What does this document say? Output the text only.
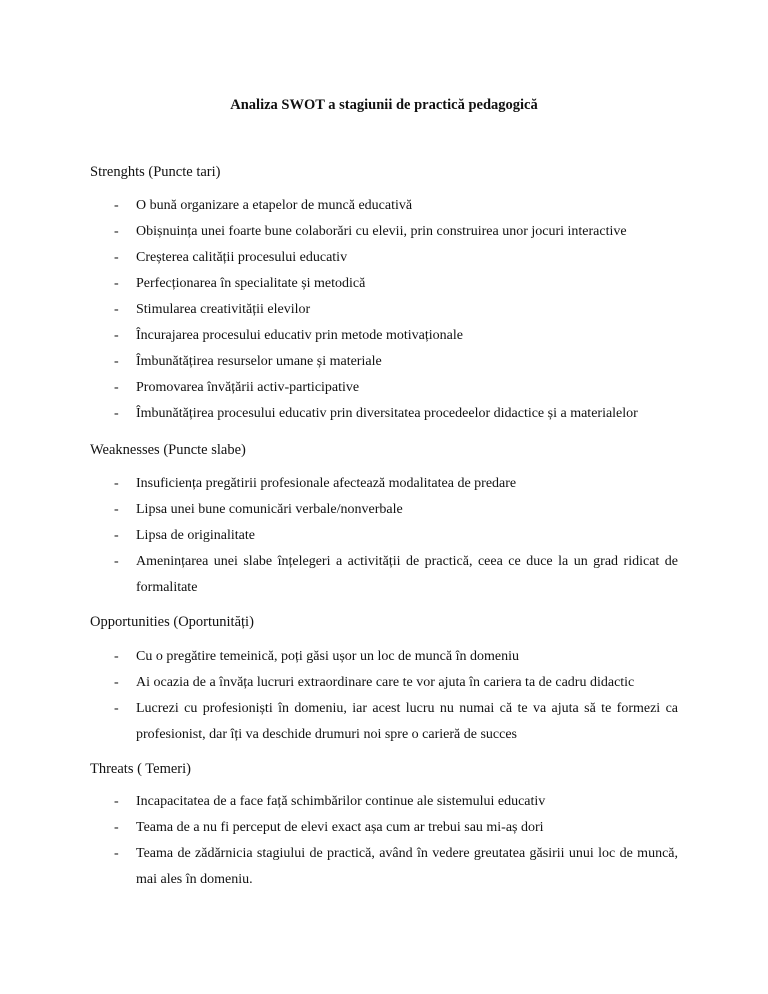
Analiza SWOT a stagiunii de practică pedagogică
Strenghts (Puncte tari)
- O bună organizare a etapelor de muncă educativă
- Obișnuința unei foarte bune colaborări cu elevii, prin construirea unor jocuri interactive
- Creșterea calității procesului educativ
- Perfecționarea în specialitate și metodică
- Stimularea creativității elevilor
- Încurajarea procesului educativ prin metode motivaționale
- Îmbunătățirea resurselor umane și materiale
- Promovarea învățării activ-participative
- Îmbunătățirea procesului educativ prin diversitatea procedeelor didactice și a materialelor
Weaknesses (Puncte slabe)
- Insuficiența pregătirii profesionale afectează modalitatea de predare
- Lipsa unei bune comunicări verbale/nonverbale
- Lipsa de originalitate
- Amenințarea unei slabe înțelegeri a activității de practică, ceea ce duce la un grad ridicat de formalitate
Opportunities (Oportunități)
- Cu o pregătire temeinică, poți găsi ușor un loc de muncă în domeniu
- Ai ocazia de a învăța lucruri extraordinare care te vor ajuta în cariera ta de cadru didactic
- Lucrezi cu profesioniști în domeniu, iar acest lucru nu numai că te va ajuta să te formezi ca profesionist, dar îți va deschide drumuri noi spre o carieră de succes
Threats ( Temeri)
- Incapacitatea de a face față schimbărilor continue ale sistemului educativ
- Teama de a nu fi perceput de elevi exact așa cum ar trebui sau mi-aș dori
- Teama de zădărnicia stagiului de practică, având în vedere greutatea găsirii unui loc de muncă, mai ales în domeniu.
